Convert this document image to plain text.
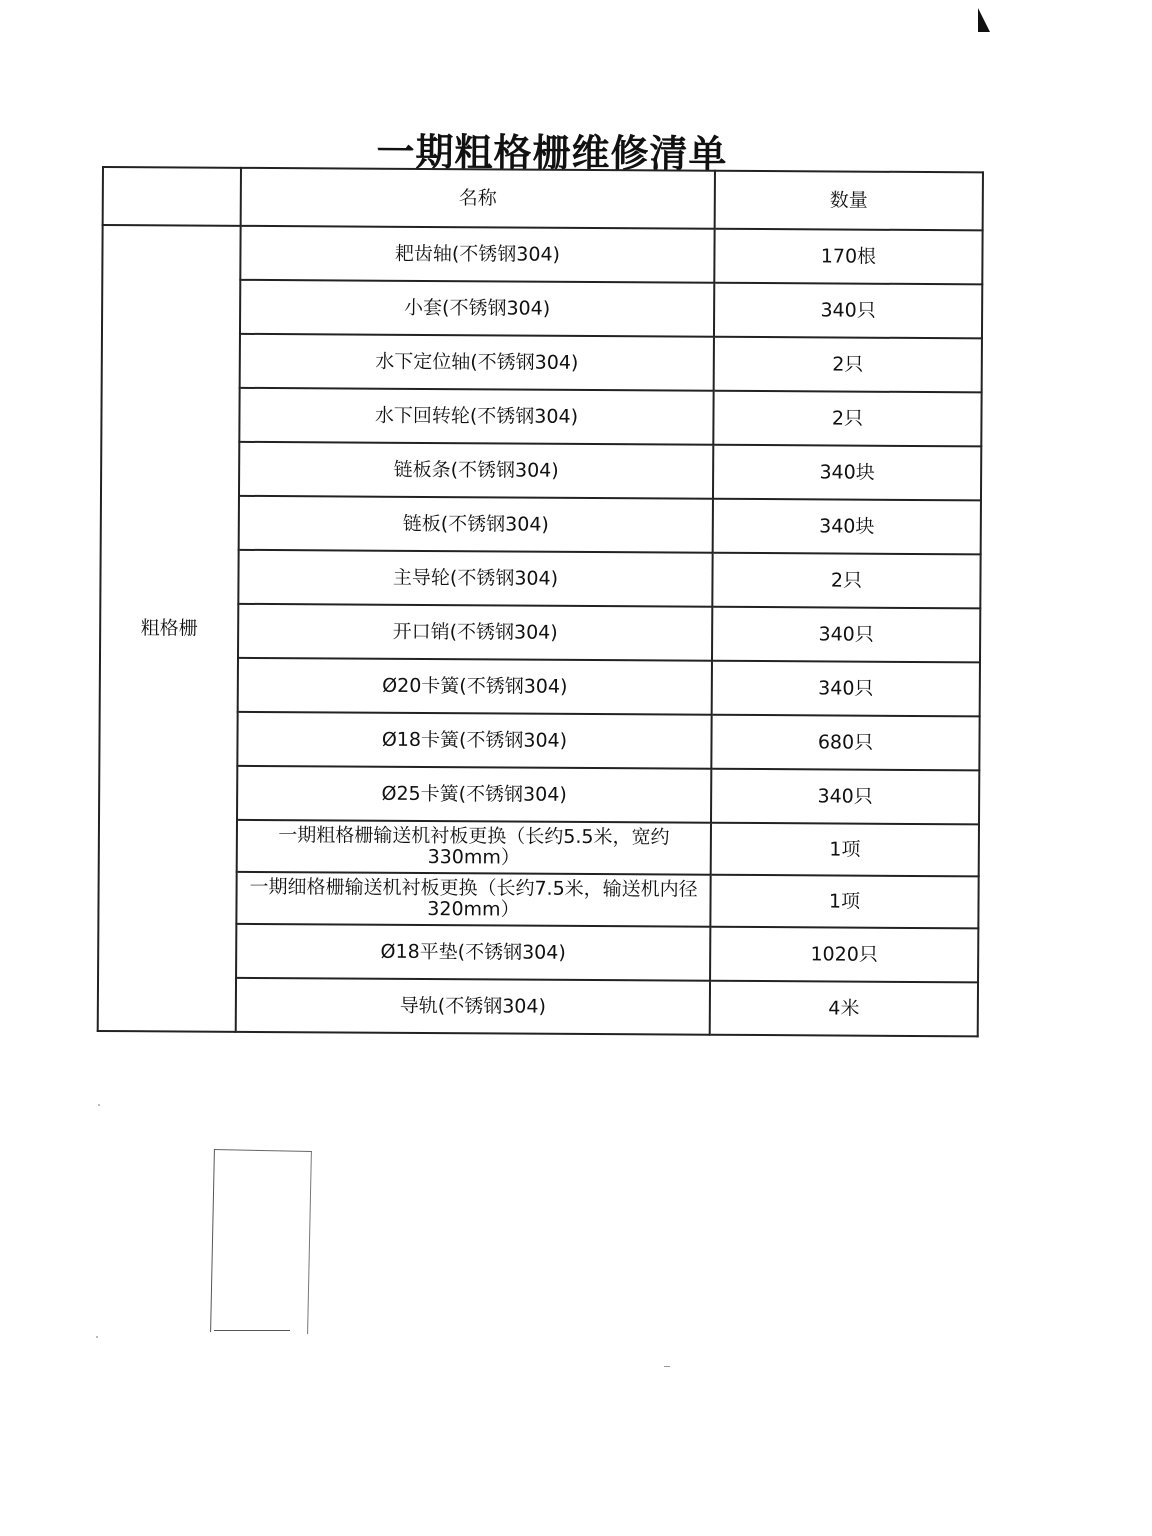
一期粗格栅维修清单
	名称	数量
粗格栅	耙齿轴(不锈钢304)	170根
	小套(不锈钢304)	340只
	水下定位轴(不锈钢304)	2只
	水下回转轮(不锈钢304)	2只
	链板条(不锈钢304)	340块
	链板(不锈钢304)	340块
	主导轮(不锈钢304)	2只
	开口销(不锈钢304)	340只
	Ø20卡簧(不锈钢304)	340只
	Ø18卡簧(不锈钢304)	680只
	Ø25卡簧(不锈钢304)	340只
	一期粗格栅输送机衬板更换（长约5.5米，宽约330mm）	1项
	一期细格栅输送机衬板更换（长约7.5米，输送机内径320mm）	1项
	Ø18平垫(不锈钢304)	1020只
	导轨(不锈钢304)	4米
